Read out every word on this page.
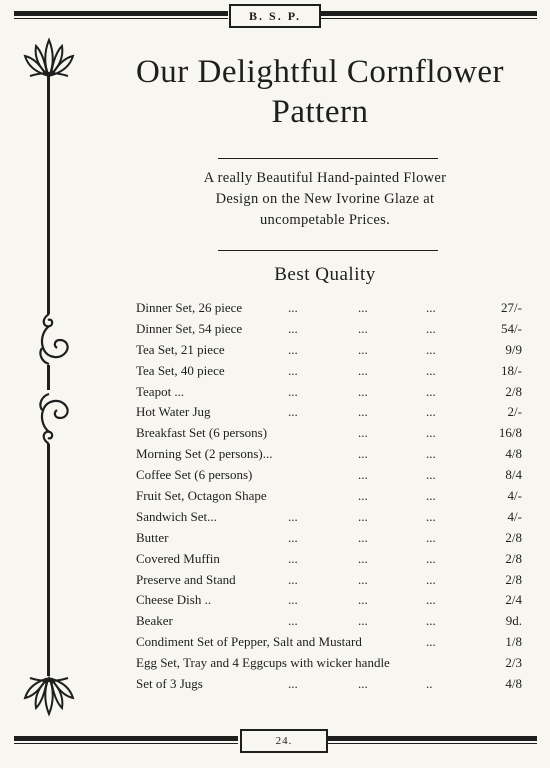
B. S. P.
Our Delightful Cornflower
Pattern
A really Beautiful Hand-painted Flower
Design on the New Ivorine Glaze at
uncompetable Prices.
Best Quality
Dinner Set, 26 piece	...	...	...	27/-
Dinner Set, 54 piece	...	...	...	54/-
Tea Set, 21 piece	...	...	...	9/9
Tea Set, 40 piece	...	...	...	18/-
Teapot ...	...	...	...	2/8
Hot Water Jug	...	...	...	2/-
Breakfast Set (6 persons)	...	...	16/8
Morning Set (2 persons)...	...	...	4/8
Coffee Set (6 persons)	...	...	8/4
Fruit Set, Octagon Shape	...	...	4/-
Sandwich Set...	...	...	...	4/-
Butter	...	...	...	2/8
Covered Muffin	...	...	...	2/8
Preserve and Stand	...	...	...	2/8
Cheese Dish ..	...	...	...	2/4
Beaker	...	...	...	9d.
Condiment Set of Pepper, Salt and Mustard	...	1/8
Egg Set, Tray and 4 Eggcups with wicker handle	2/3
Set of 3 Jugs	...	...	..	4/8
24.
